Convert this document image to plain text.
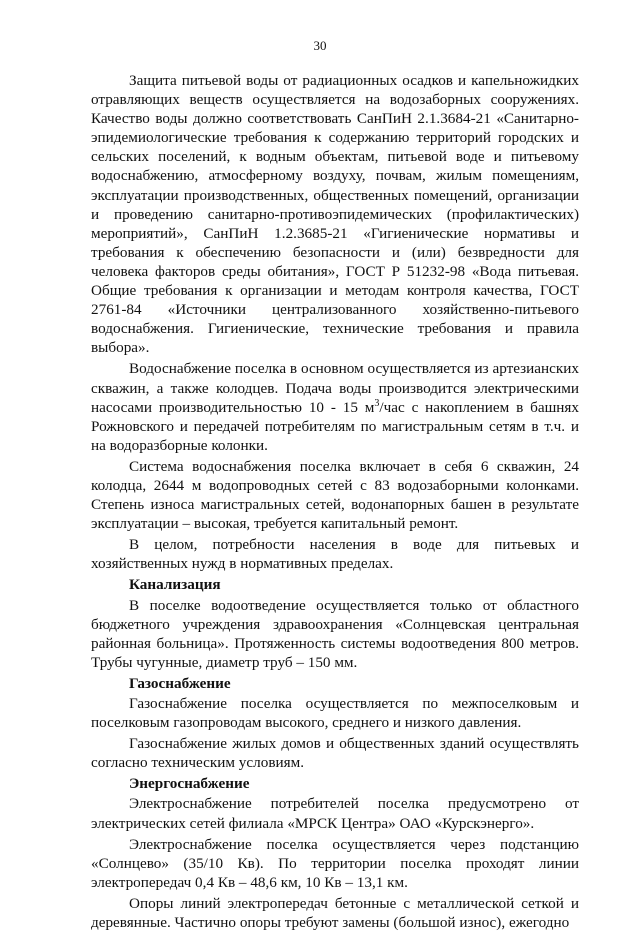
30

Защита питьевой воды от радиационных осадков и капельножидких отравляющих веществ осуществляется на водозаборных сооружениях. Качество воды должно соответствовать СанПиН 2.1.3684-21 «Санитарно-эпидемиологические требования к содержанию территорий городских и сельских поселений, к водным объектам, питьевой воде и питьевому водоснабжению, атмосферному воздуху, почвам, жилым помещениям, эксплуатации производственных, общественных помещений, организации и проведению санитарно-противоэпидемических (профилактических) мероприятий», СанПиН 1.2.3685-21 «Гигиенические нормативы и требования к обеспечению безопасности и (или) безвредности для человека факторов среды обитания», ГОСТ Р 51232-98 «Вода питьевая. Общие требования к организации и методам контроля качества, ГОСТ 2761-84 «Источники централизованного хозяйственно-питьевого водоснабжения. Гигиенические, технические требования и правила выбора».

Водоснабжение поселка в основном осуществляется из артезианских скважин, а также колодцев. Подача воды производится электрическими насосами производительностью 10 - 15 $м^3$/час с накоплением в башнях Рожновского и передачей потребителям по магистральным сетям в т.ч. и на водоразборные колонки.

Система водоснабжения поселка включает в себя 6 скважин, 24 колодца, 2644 м водопроводных сетей с 83 водозаборными колонками. Степень износа магистральных сетей, водонапорных башен в результате эксплуатации – высокая, требуется капитальный ремонт.

В целом, потребности населения в воде для питьевых и хозяйственных нужд в нормативных пределах.

Канализация

В поселке водоотведение осуществляется только от областного бюджетного учреждения здравоохранения «Солнцевская центральная районная больница». Протяженность системы водоотведения 800 метров. Трубы чугунные, диаметр труб – 150 мм.

Газоснабжение

Газоснабжение поселка осуществляется по межпоселковым и поселковым газопроводам высокого, среднего и низкого давления.

Газоснабжение жилых домов и общественных зданий осуществлять согласно техническим условиям.

Энергоснабжение

Электроснабжение потребителей поселка предусмотрено от электрических сетей филиала «МРСК Центра» ОАО «Курскэнерго».

Электроснабжение поселка осуществляется через подстанцию «Солнцево» (35/10 Кв). По территории поселка проходят линии электропередач 0,4 Кв – 48,6 км, 10 Кв – 13,1 км.

Опоры линий электропередач бетонные с металлической сеткой и деревянные. Частично опоры требуют замены (большой износ), ежегодно
